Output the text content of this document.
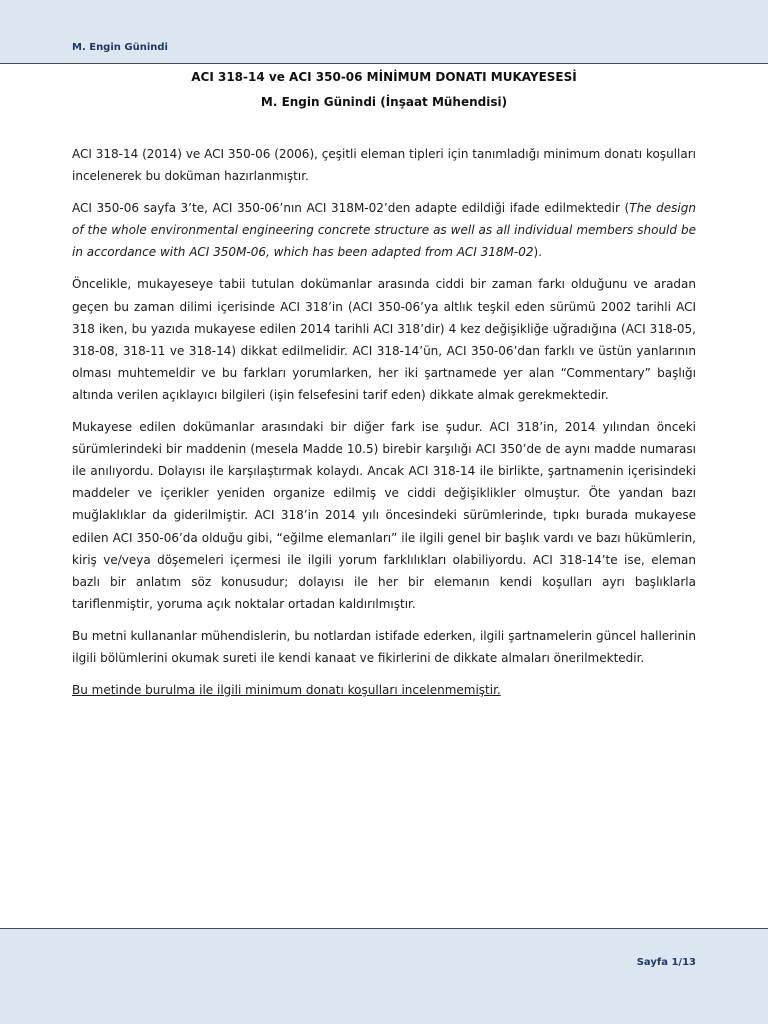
M. Engin Günindi
ACI 318-14 ve ACI 350-06 MİNİMUM DONATI MUKAYESESİ
M. Engin Günindi (İnşaat Mühendisi)

ACI 318-14 (2014) ve ACI 350-06 (2006), çeşitli eleman tipleri için tanımladığı minimum donatı koşulları incelenerek bu doküman hazırlanmıştır.

ACI 350-06 sayfa 3’te, ACI 350-06’nın ACI 318M-02’den adapte edildiği ifade edilmektedir (The design of the whole environmental engineering concrete structure as well as all individual members should be in accordance with ACI 350M-06, which has been adapted from ACI 318M-02).

Öncelikle, mukayeseye tabii tutulan dokümanlar arasında ciddi bir zaman farkı olduğunu ve aradan geçen bu zaman dilimi içerisinde ACI 318’in (ACI 350-06’ya altlık teşkil eden sürümü 2002 tarihli ACI 318 iken, bu yazıda mukayese edilen 2014 tarihli ACI 318’dir) 4 kez değişikliğe uğradığına (ACI 318-05, 318-08, 318-11 ve 318-14) dikkat edilmelidir. ACI 318-14’ün, ACI 350-06’dan farklı ve üstün yanlarının olması muhtemeldir ve bu farkları yorumlarken, her iki şartnamede yer alan “Commentary” başlığı altında verilen açıklayıcı bilgileri (işin felsefesini tarif eden) dikkate almak gerekmektedir.

Mukayese edilen dokümanlar arasındaki bir diğer fark ise şudur. ACI 318’in, 2014 yılından önceki sürümlerindeki bir maddenin (mesela Madde 10.5) birebir karşılığı ACI 350’de de aynı madde numarası ile anılıyordu. Dolayısı ile karşılaştırmak kolaydı. Ancak ACI 318-14 ile birlikte, şartnamenin içerisindeki maddeler ve içerikler yeniden organize edilmiş ve ciddi değişiklikler olmuştur. Öte yandan bazı muğlaklıklar da giderilmiştir. ACI 318’in 2014 yılı öncesindeki sürümlerinde, tıpkı burada mukayese edilen ACI 350-06’da olduğu gibi, “eğilme elemanları” ile ilgili genel bir başlık vardı ve bazı hükümlerin, kiriş ve/veya döşemeleri içermesi ile ilgili yorum farklılıkları olabiliyordu. ACI 318-14’te ise, eleman bazlı bir anlatım söz konusudur; dolayısı ile her bir elemanın kendi koşulları ayrı başlıklarla tariflenmiştir, yoruma açık noktalar ortadan kaldırılmıştır.

Bu metni kullananlar mühendislerin, bu notlardan istifade ederken, ilgili şartnamelerin güncel hallerinin ilgili bölümlerini okumak sureti ile kendi kanaat ve fikirlerini de dikkate almaları önerilmektedir.

Bu metinde burulma ile ilgili minimum donatı koşulları incelenmemiştir.

Sayfa 1/13
